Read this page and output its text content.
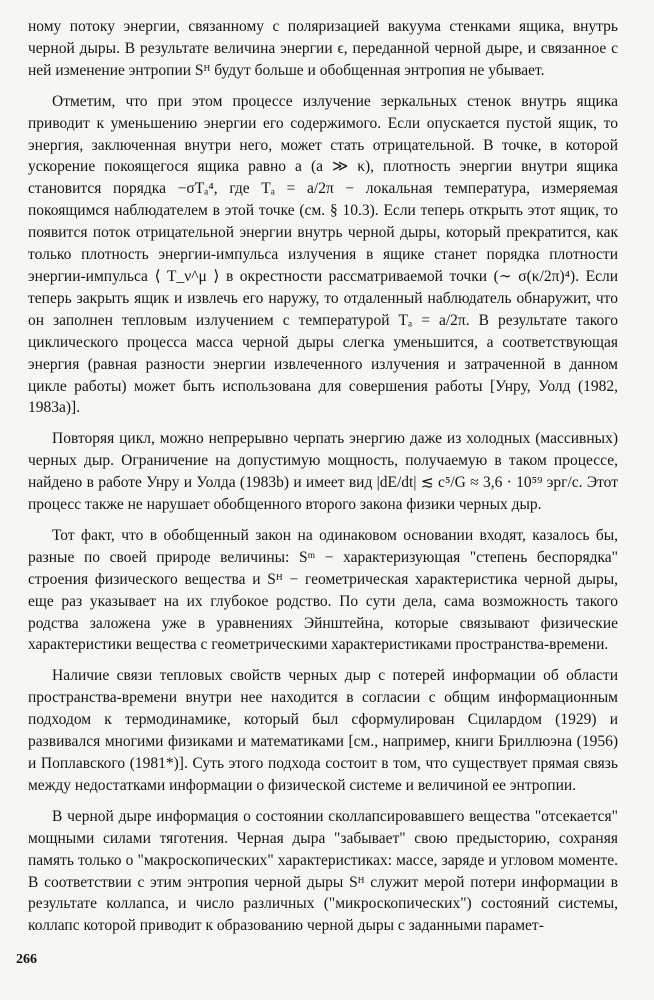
ному потоку энергии, связанному с поляризацией вакуума стенками ящика, внутрь черной дыры. В результате величина энергии ϵ, переданной черной дыре, и связанное с ней изменение энтропии Sᴴ будут больше и обобщенная энтропия не убывает.

Отметим, что при этом процессе излучение зеркальных стенок внутрь ящика приводит к уменьшению энергии его содержимого. Если опускается пустой ящик, то энергия, заключенная внутри него, может стать отрицательной. В точке, в которой ускорение покоящегося ящика равно a (a ≫ κ), плотность энергии внутри ящика становится порядка −σTₐ⁴, где Tₐ = a/2π − локальная температура, измеряемая покоящимся наблюдателем в этой точке (см. § 10.3). Если теперь открыть этот ящик, то появится поток отрицательной энергии внутрь черной дыры, который прекратится, как только плотность энергии-импульса излучения в ящике станет порядка плотности энергии-импульса ⟨ T_ν^μ ⟩ в окрестности рассматриваемой точки (∼ σ(κ/2π)⁴). Если теперь закрыть ящик и извлечь его наружу, то отдаленный наблюдатель обнаружит, что он заполнен тепловым излучением с температурой Tₐ = a/2π. В результате такого циклического процесса масса черной дыры слегка уменьшится, а соответствующая энергия (равная разности энергии извлеченного излучения и затраченной в данном цикле работы) может быть использована для совершения работы [Унру, Уолд (1982, 1983a)].

Повторяя цикл, можно непрерывно черпать энергию даже из холодных (массивных) черных дыр. Ограничение на допустимую мощность, получаемую в таком процессе, найдено в работе Унру и Уолда (1983b) и имеет вид |dE/dt| ≲ c⁵/G ≈ 3,6 · 10⁵⁹ эрг/с. Этот процесс также не нарушает обобщенного второго закона физики черных дыр.

Тот факт, что в обобщенный закон на одинаковом основании входят, казалось бы, разные по своей природе величины: Sᵐ − характеризующая "степень беспорядка" строения физического вещества и Sᴴ − геометрическая характеристика черной дыры, еще раз указывает на их глубокое родство. По сути дела, сама возможность такого родства заложена уже в уравнениях Эйнштейна, которые связывают физические характеристики вещества с геометрическими характеристиками пространства-времени.

Наличие связи тепловых свойств черных дыр с потерей информации об области пространства-времени внутри нее находится в согласии с общим информационным подходом к термодинамике, который был сформулирован Сцилардом (1929) и развивался многими физиками и математиками [см., например, книги Бриллюэна (1956) и Поплавского (1981*)]. Суть этого подхода состоит в том, что существует прямая связь между недостатками информации о физической системе и величиной ее энтропии.

В черной дыре информация о состоянии сколлапсировавшего вещества "отсекается" мощными силами тяготения. Черная дыра "забывает" свою предысторию, сохраняя память только о "макроскопических" характеристиках: массе, заряде и угловом моменте. В соответствии с этим энтропия черной дыры Sᴴ служит мерой потери информации в результате коллапса, и число различных ("микроскопических") состояний системы, коллапс которой приводит к образованию черной дыры с заданными парамет-

266
